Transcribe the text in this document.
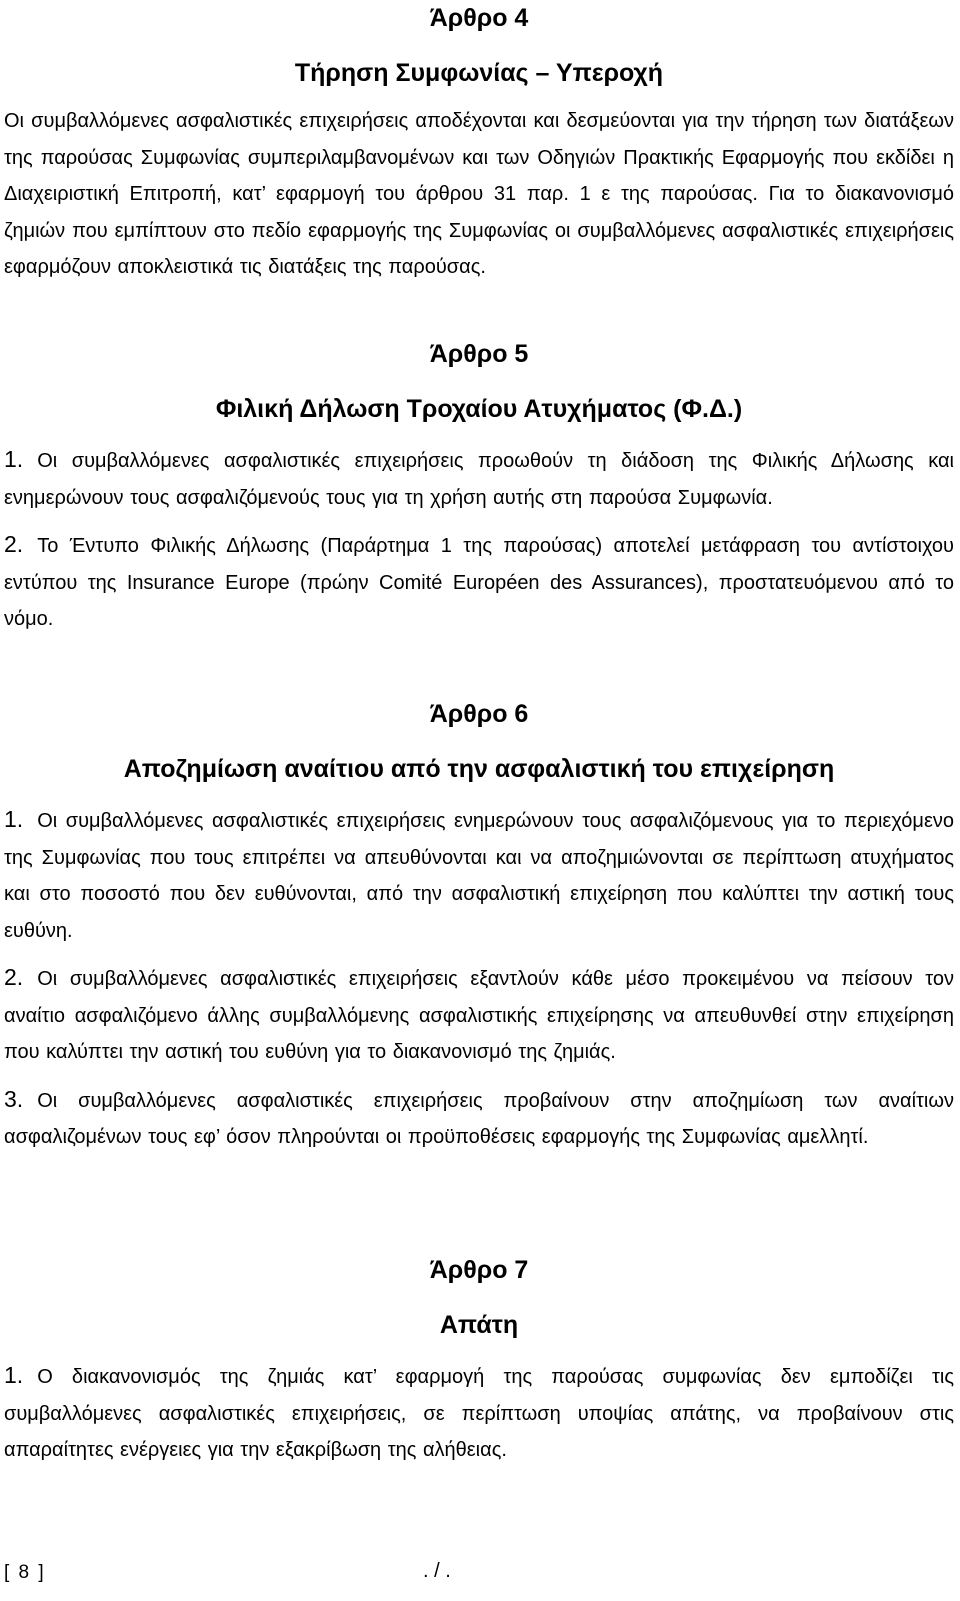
Άρθρο 4

Τήρηση Συμφωνίας – Υπεροχή

Οι συμβαλλόμενες ασφαλιστικές επιχειρήσεις αποδέχονται και δεσμεύονται για την τήρηση των διατάξεων της παρούσας Συμφωνίας συμπεριλαμβανομένων και των Οδηγιών Πρακτικής Εφαρμογής που εκδίδει η Διαχειριστική Επιτροπή, κατ’ εφαρμογή του άρθρου 31 παρ. 1 ε της παρούσας. Για το διακανονισμό ζημιών που εμπίπτουν στο πεδίο εφαρμογής της Συμφωνίας οι συμβαλλόμενες ασφαλιστικές επιχειρήσεις εφαρμόζουν αποκλειστικά τις διατάξεις της παρούσας.

Άρθρο 5

Φιλική Δήλωση Τροχαίου Ατυχήματος (Φ.Δ.)

1. Οι συμβαλλόμενες ασφαλιστικές επιχειρήσεις προωθούν τη διάδοση της Φιλικής Δήλωσης και ενημερώνουν τους ασφαλιζόμενούς τους για τη χρήση αυτής στη παρούσα Συμφωνία.

2. Το Έντυπο Φιλικής Δήλωσης (Παράρτημα 1 της παρούσας) αποτελεί μετάφραση του αντίστοιχου εντύπου της Insurance Europe (πρώην Comité Européen des Assurances), προστατευόμενου από το νόμο.

Άρθρο 6

Αποζημίωση αναίτιου από την ασφαλιστική του επιχείρηση

1. Οι συμβαλλόμενες ασφαλιστικές επιχειρήσεις ενημερώνουν τους ασφαλιζόμενους για το περιεχόμενο της Συμφωνίας που τους επιτρέπει να απευθύνονται και να αποζημιώνονται σε περίπτωση ατυχήματος και στο ποσοστό που δεν ευθύνονται, από την ασφαλιστική επιχείρηση που καλύπτει την αστική τους ευθύνη.

2. Οι συμβαλλόμενες ασφαλιστικές επιχειρήσεις εξαντλούν κάθε μέσο προκειμένου να πείσουν τον αναίτιο ασφαλιζόμενο άλλης συμβαλλόμενης ασφαλιστικής επιχείρησης να απευθυνθεί στην επιχείρηση που καλύπτει την αστική του ευθύνη για το διακανονισμό της ζημιάς.

3. Οι συμβαλλόμενες ασφαλιστικές επιχειρήσεις προβαίνουν στην αποζημίωση των αναίτιων ασφαλιζομένων τους εφ’ όσον πληρούνται οι προϋποθέσεις εφαρμογής της Συμφωνίας αμελλητί.

Άρθρο 7

Απάτη

1. Ο διακανονισμός της ζημιάς κατ’ εφαρμογή της παρούσας συμφωνίας δεν εμποδίζει τις συμβαλλόμενες ασφαλιστικές επιχειρήσεις, σε περίπτωση υποψίας απάτης, να προβαίνουν στις απαραίτητες ενέργειες για την εξακρίβωση της αλήθειας.

[ 8 ]	. / .
